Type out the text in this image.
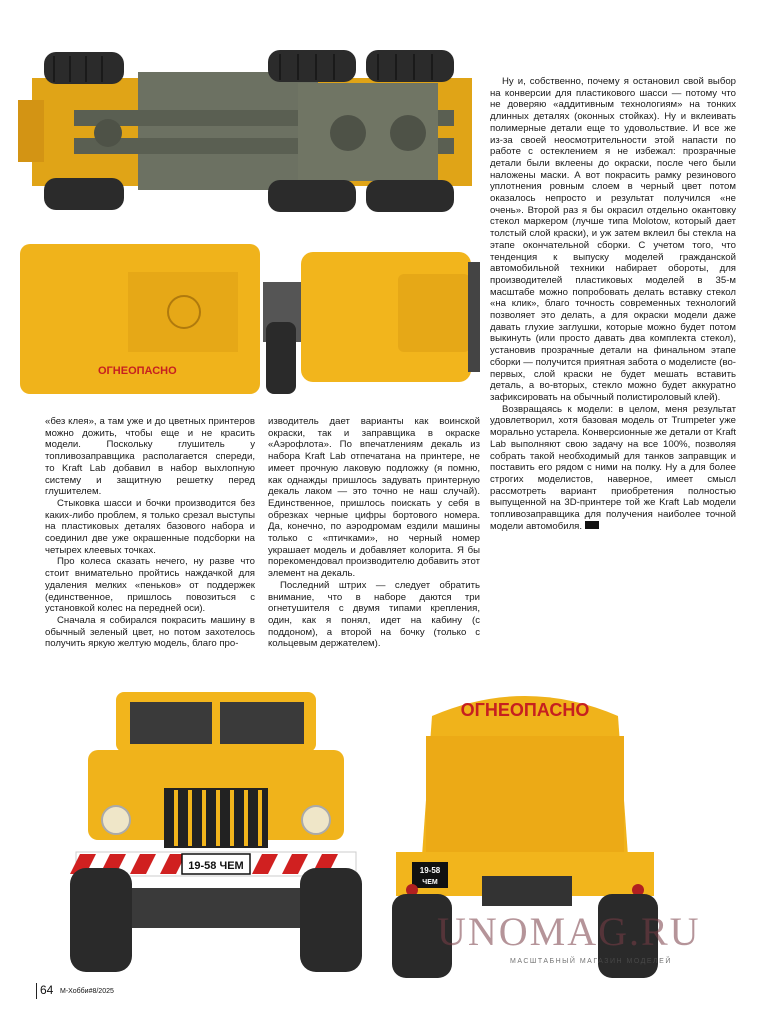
ОГНЕОПАСНО

Ну и, собственно, почему я остановил свой выбор на конверсии для пластикового шасси — потому что не доверяю «аддитивным технологиям» на тонких длинных деталях (оконных стойках). Ну и вклеивать полимерные детали еще то удовольствие. И все же из-за своей неосмотрительности этой напасти по работе с остеклением я не избежал: прозрачные детали были вклеены до окраски, после чего были наложены маски. А вот покрасить рамку резинового уплотнения ровным слоем в черный цвет потом оказалось непросто и результат получился «не очень». Второй раз я бы окрасил отдельно окантовку стекол маркером (лучше типа Molotow, который дает толстый слой краски), и уж затем вклеил бы стекла на этапе окончательной сборки. С учетом того, что тенденция к выпуску моделей гражданской автомобильной техники набирает обороты, для производителей пластиковых моделей в 35-м масштабе можно попробовать делать вставку стекол «на клик», благо точность современных технологий позволяет это делать, а для окраски модели даже давать глухие заглушки, которые можно будет потом выкинуть (или просто давать два комплекта стекол), установив прозрачные детали на финальном этапе сборки — получится приятная забота о моделисте (во-первых, слой краски не будет мешать вставить деталь, а во-вторых, стекло можно будет аккуратно зафиксировать на обычный полистироловый клей).

Возвращаясь к модели: в целом, меня результат удовлетворил, хотя базовая модель от Trumpeter уже морально устарела. Конверсионные же детали от Kraft Lab выполняют свою задачу на все 100%, позволяя собрать такой необходимый для танков заправщик и поставить его рядом с ними на полку. Ну а для более строгих моделистов, наверное, имеет смысл рассмотреть вариант приобретения полностью выпущенной на 3D-принтере той же Kraft Lab модели топливозаправщика для получения наиболее точной модели автомобиля.

«без клея», а там уже и до цветных принтеров можно дожить, чтобы еще и не красить модели. Поскольку глушитель у топливозаправщика располагается спереди, то Kraft Lab добавил в набор выхлопную систему и защитную решетку перед глушителем.

Стыковка шасси и бочки производится без каких-либо проблем, я только срезал выступы на пластиковых деталях базового набора и соединил две уже окрашенные подсборки на четырех клеевых точках.

Про колеса сказать нечего, ну разве что стоит внимательно пройтись наждачкой для удаления мелких «пеньков» от поддержек (единственное, пришлось повозиться с установкой колес на передней оси).

Сначала я собирался покрасить машину в обычный зеленый цвет, но потом захотелось получить яркую желтую модель, благо про-

изводитель дает варианты как воинской окраски, так и заправщика в окраске «Аэрофлота». По впечатлениям декаль из набора Kraft Lab отпечатана на принтере, не имеет прочную лаковую подложку (я помню, как однажды пришлось задувать принтерную декаль лаком — это точно не наш случай). Единственное, пришлось поискать у себя в обрезках черные цифры бортового номера. Да, конечно, по аэродромам ездили машины только с «птичками», но черный номер украшает модель и добавляет колорита. Я бы порекомендовал производителю добавить этот элемент на декаль.

Последний штрих — следует обратить внимание, что в наборе даются три огнетушителя с двумя типами крепления, один, как я понял, идет на кабину (с поддоном), а второй на бочку (только с кольцевым держателем).

19-58 ЧЕМ
ОГНЕОПАСНО
19-58
ЧЕМ
UNOMAG.RU
МАСШТАБНЫЙ МАГАЗИН МОДЕЛЕЙ
64 М-Хобби#8/2025
